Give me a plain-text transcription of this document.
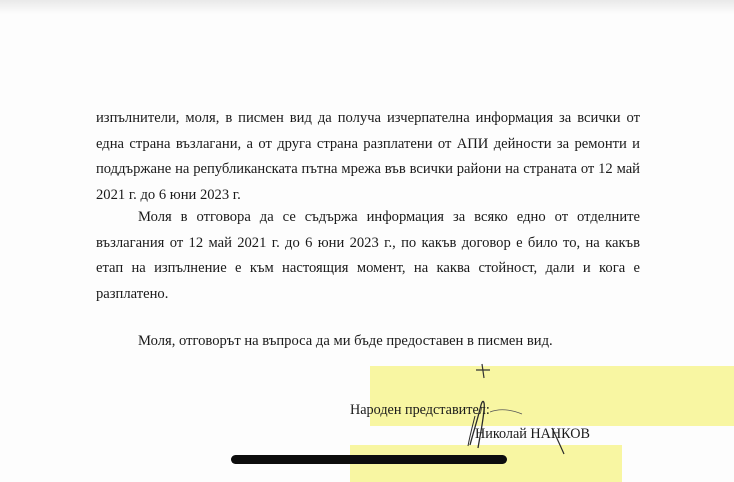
изпълнители, моля, в писмен вид да получа изчерпателна информация за всички от една страна възлагани, а от друга страна разплатени от АПИ дейности за ремонти и поддържане на републиканската пътна мрежа във всички райони на страната от 12 май 2021 г. до 6 юни 2023 г.

Моля в отговора да се съдържа информация за всяко едно от отделните възлагания от 12 май 2021 г. до 6 юни 2023 г., по какъв договор е било то, на какъв етап на изпълнение е към настоящия момент, на каква стойност, дали и кога е разплатено.

Моля, отговорът на въпроса да ми бъде предоставен в писмен вид.

Народен представител:

Николай НАНКОВ
